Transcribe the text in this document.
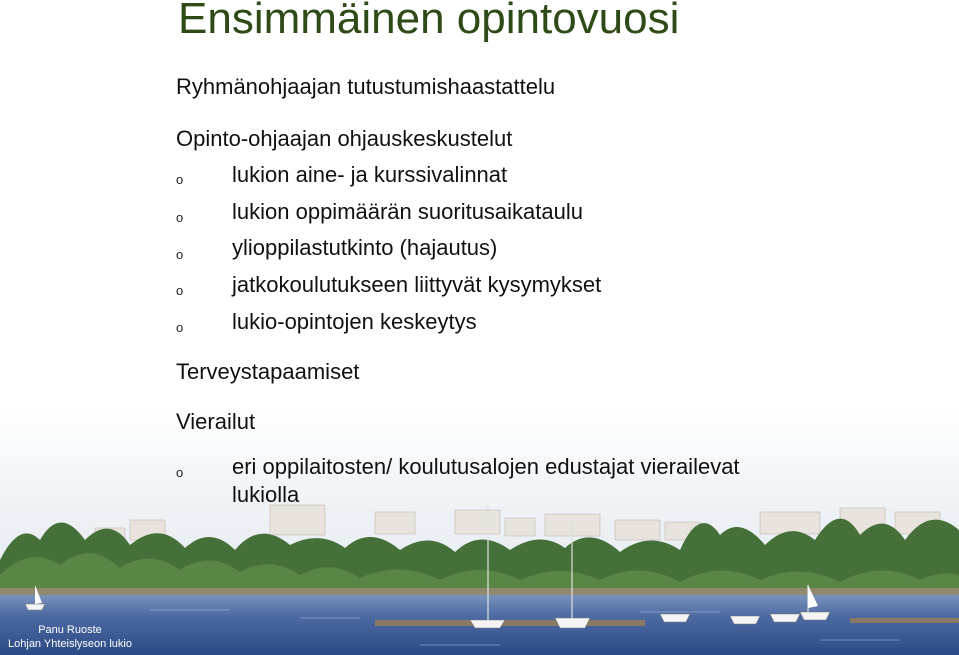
Ensimmäinen opintovuosi
Ryhmänohjaajan tutustumishaastattelu
Opinto-ohjaajan ohjauskeskustelut
o lukion aine- ja kurssivalinnat
o lukion oppimäärän suoritusaikataulu
o ylioppilastutkinto (hajautus)
o jatkokoulutukseen liittyvät kysymykset
o lukio-opintojen keskeytys
Terveystapaamiset
Vierailut
o eri oppilaitosten/ koulutusalojen edustajat vierailevat
lukiolla
Panu Ruoste
Lohjan Yhteislyseon lukio
